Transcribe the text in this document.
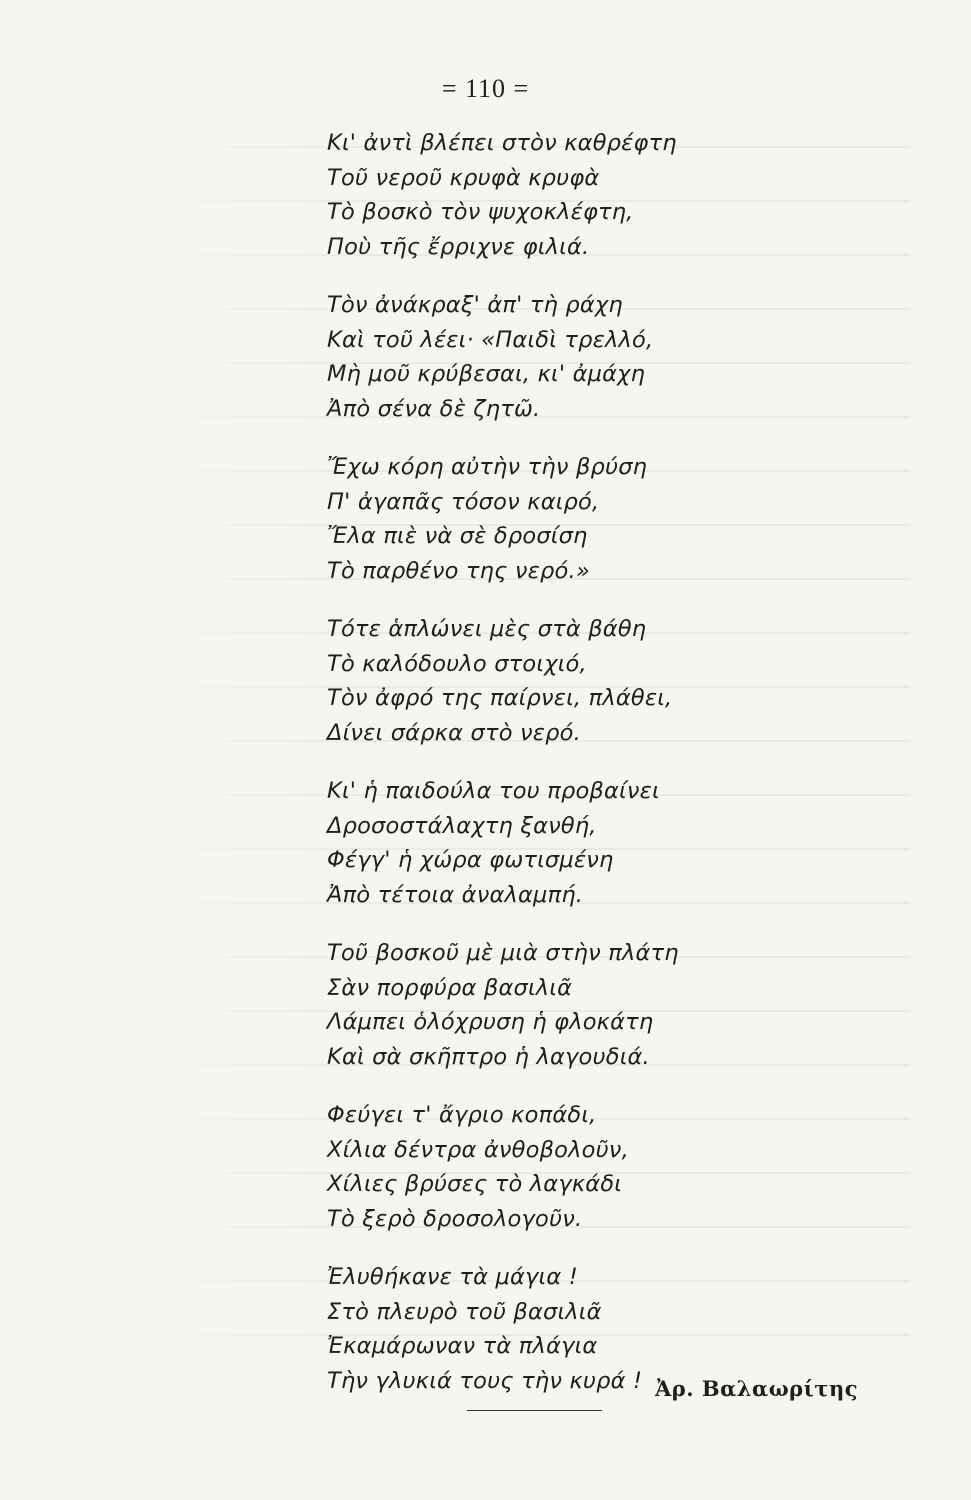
= 110 =
Κι' ἀντὶ βλέπει στὸν καθρέφτη
Τοῦ νεροῦ κρυφὰ κρυφὰ
Τὸ βοσκὸ τὸν ψυχοκλέφτη,
Ποὺ τῆς ἔρριχνε φιλιά.
Τὸν ἀνάκραξ' ἀπ' τὴ ράχη
Καὶ τοῦ λέει· «Παιδὶ τρελλό,
Μὴ μοῦ κρύβεσαι, κι' ἀμάχη
Ἀπὸ σένα δὲ ζητῶ.
Ἔχω κόρη αὐτὴν τὴν βρύση
Π' ἀγαπᾶς τόσον καιρό,
Ἔλα πιὲ νὰ σὲ δροσίση
Τὸ παρθένο της νερό.»
Τότε ἁπλώνει μὲς στὰ βάθη
Τὸ καλόδουλο στοιχιό,
Τὸν ἀφρό της παίρνει, πλάθει,
Δίνει σάρκα στὸ νερό.
Κι' ἡ παιδούλα του προβαίνει
Δροσοστάλαχτη ξανθή,
Φέγγ' ἡ χώρα φωτισμένη
Ἀπὸ τέτοια ἀναλαμπή.
Τοῦ βοσκοῦ μὲ μιὰ στὴν πλάτη
Σὰν πορφύρα βασιλιᾶ
Λάμπει ὁλόχρυση ἡ φλοκάτη
Καὶ σὰ σκῆπτρο ἡ λαγουδιά.
Φεύγει τ' ἄγριο κοπάδι,
Χίλια δέντρα ἀνθοβολοῦν,
Χίλιες βρύσες τὸ λαγκάδι
Τὸ ξερὸ δροσολογοῦν.
Ἐλυθήκανε τὰ μάγια !
Στὸ πλευρὸ τοῦ βασιλιᾶ
Ἐκαμάρωναν τὰ πλάγια
Τὴν γλυκιά τους τὴν κυρά ! Ἀρ. Βαλαωρίτης
